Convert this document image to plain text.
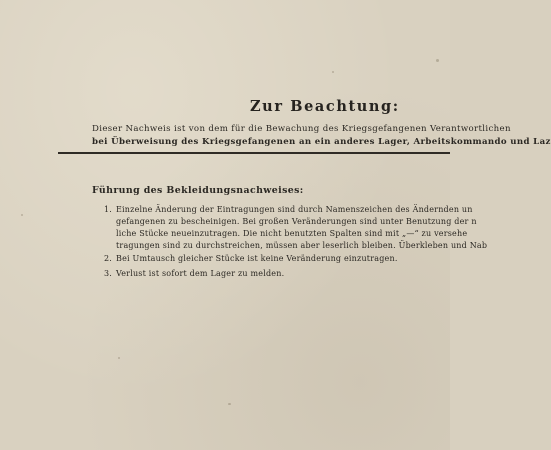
Zur Beachtung:
Dieser Nachweis ist von dem für die Bewachung des Kriegsgefangenen Verantwortlichen
bei Überweisung des Kriegsgefangenen an ein anderes Lager, Arbeitskommando und Laz
Führung des Bekleidungsnachweises:
1. Einzelne Änderung der Eintragungen sind durch Namenszeichen des Ändernden un
gefangenen zu bescheinigen. Bei großen Veränderungen sind unter Benutzung der n
liche Stücke neueinzutragen. Die nicht benutzten Spalten sind mit „—“ zu versehe
tragungen sind zu durchstreichen, müssen aber leserlich bleiben. Überkleben und Nab
2. Bei Umtausch gleicher Stücke ist keine Veränderung einzutragen.
3. Verlust ist sofort dem Lager zu melden.
